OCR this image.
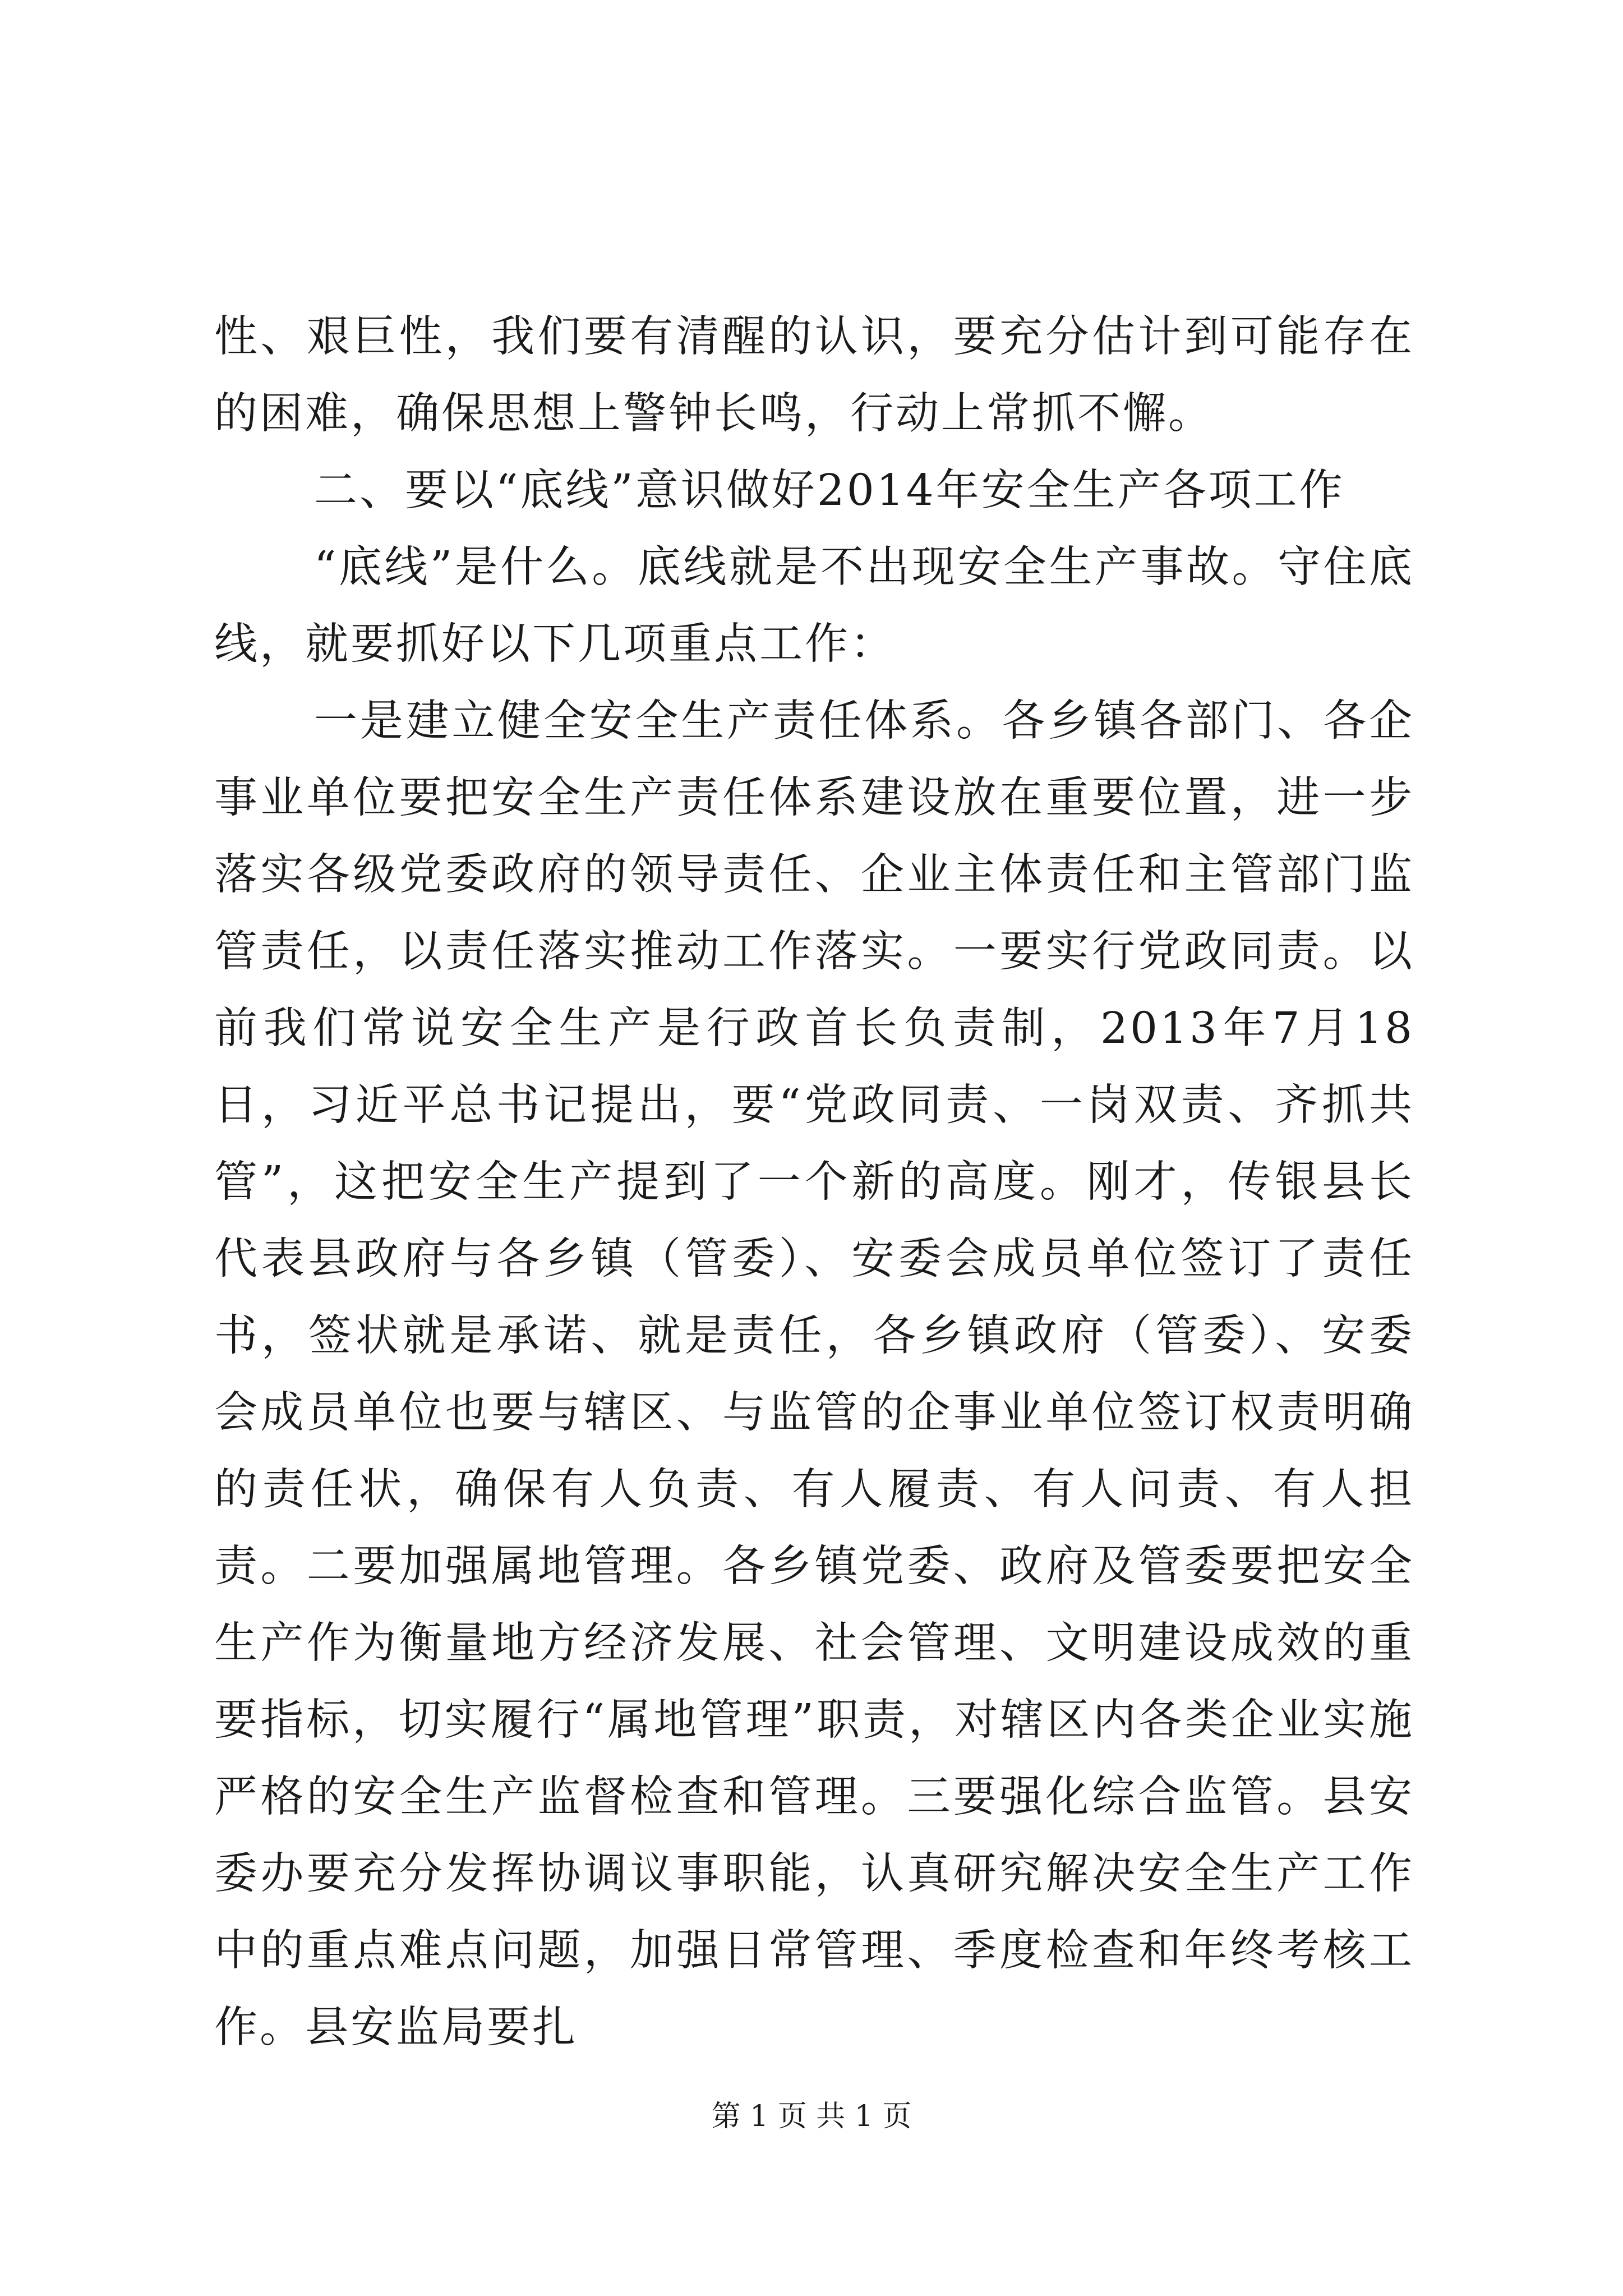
性、艰巨性，我们要有清醒的认识，要充分估计到可能存在的困难，确保思想上警钟长鸣，行动上常抓不懈。

二、要以“底线”意识做好2014年安全生产各项工作

“底线”是什么。底线就是不出现安全生产事故。守住底线，就要抓好以下几项重点工作：

一是建立健全安全生产责任体系。各乡镇各部门、各企事业单位要把安全生产责任体系建设放在重要位置，进一步落实各级党委政府的领导责任、企业主体责任和主管部门监管责任，以责任落实推动工作落实。一要实行党政同责。以前我们常说安全生产是行政首长负责制，2013年7月18日，习近平总书记提出，要“党政同责、一岗双责、齐抓共管”，这把安全生产提到了一个新的高度。刚才，传银县长代表县政府与各乡镇（管委）、安委会成员单位签订了责任书，签状就是承诺、就是责任，各乡镇政府（管委）、安委会成员单位也要与辖区、与监管的企事业单位签订权责明确的责任状，确保有人负责、有人履责、有人问责、有人担责。二要加强属地管理。各乡镇党委、政府及管委要把安全生产作为衡量地方经济发展、社会管理、文明建设成效的重要指标，切实履行“属地管理”职责，对辖区内各类企业实施严格的安全生产监督检查和管理。三要强化综合监管。县安委办要充分发挥协调议事职能，认真研究解决安全生产工作中的重点难点问题，加强日常管理、季度检查和年终考核工作。县安监局要扎

第 1 页 共 1 页
